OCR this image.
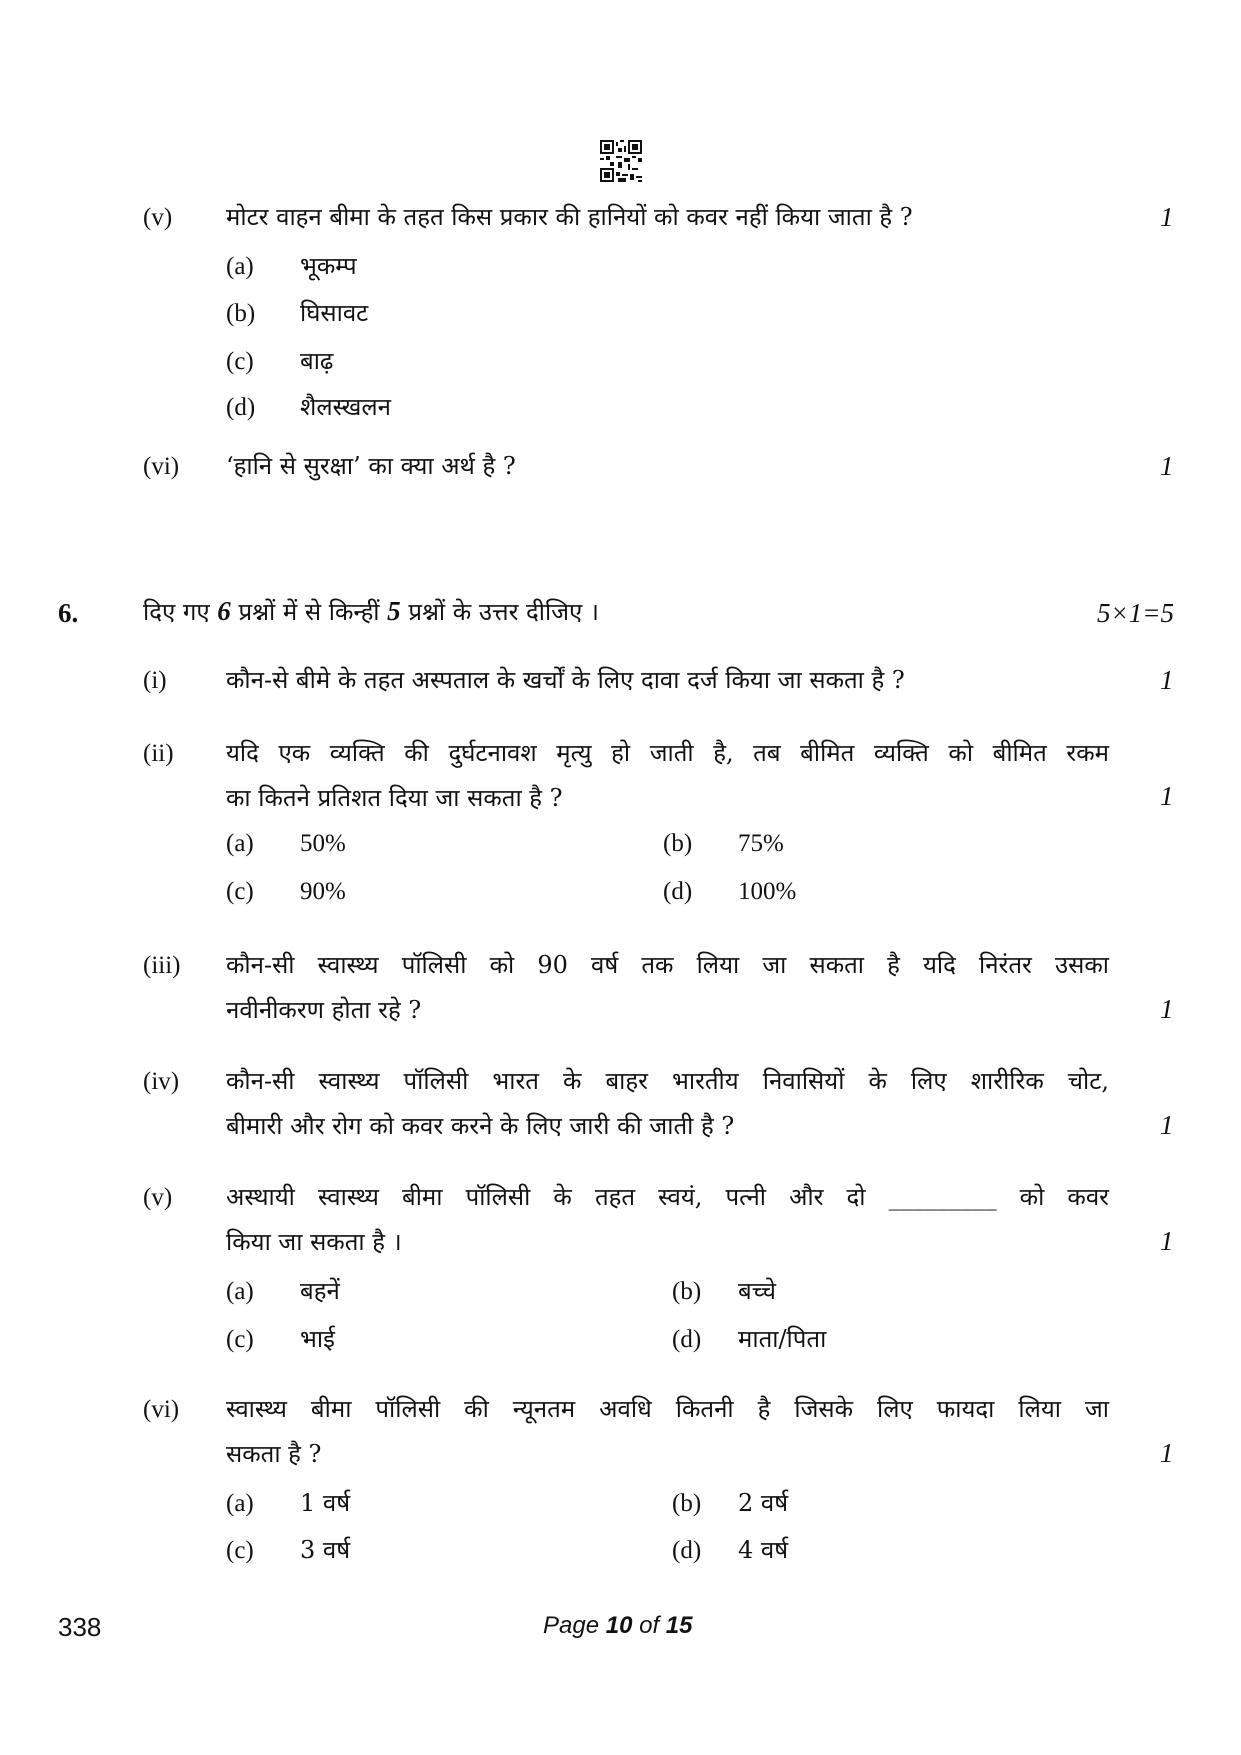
(v) मोटर वाहन बीमा के तहत किस प्रकार की हानियों को कवर नहीं किया जाता है ?	1
(a) भूकम्प
(b) घिसावट
(c) बाढ़
(d) शैलस्खलन
(vi) ‘हानि से सुरक्षा’ का क्या अर्थ है ?	1
6.	दिए गए 6 प्रश्नों में से किन्हीं 5 प्रश्नों के उत्तर दीजिए ।	5×1=5
(i) कौन-से बीमे के तहत अस्पताल के खर्चों के लिए दावा दर्ज किया जा सकता है ?	1
(ii) यदि एक व्यक्ति की दुर्घटनावश मृत्यु हो जाती है, तब बीमित व्यक्ति को बीमित रकम
का कितने प्रतिशत दिया जा सकता है ?	1
(a) 50%	(b) 75%
(c) 90%	(d) 100%
(iii) कौन-सी स्वास्थ्य पॉलिसी को 90 वर्ष तक लिया जा सकता है यदि निरंतर उसका
नवीनीकरण होता रहे ?	1
(iv) कौन-सी स्वास्थ्य पॉलिसी भारत के बाहर भारतीय निवासियों के लिए शारीरिक चोट,
बीमारी और रोग को कवर करने के लिए जारी की जाती है ?	1
(v) अस्थायी स्वास्थ्य बीमा पॉलिसी के तहत स्वयं, पत्नी और दो _________ को कवर
किया जा सकता है ।	1
(a) बहनें	(b) बच्चे
(c) भाई	(d) माता/पिता
(vi) स्वास्थ्य बीमा पॉलिसी की न्यूनतम अवधि कितनी है जिसके लिए फायदा लिया जा
सकता है ?	1
(a) 1 वर्ष	(b) 2 वर्ष
(c) 3 वर्ष	(d) 4 वर्ष
338	Page 10 of 15
